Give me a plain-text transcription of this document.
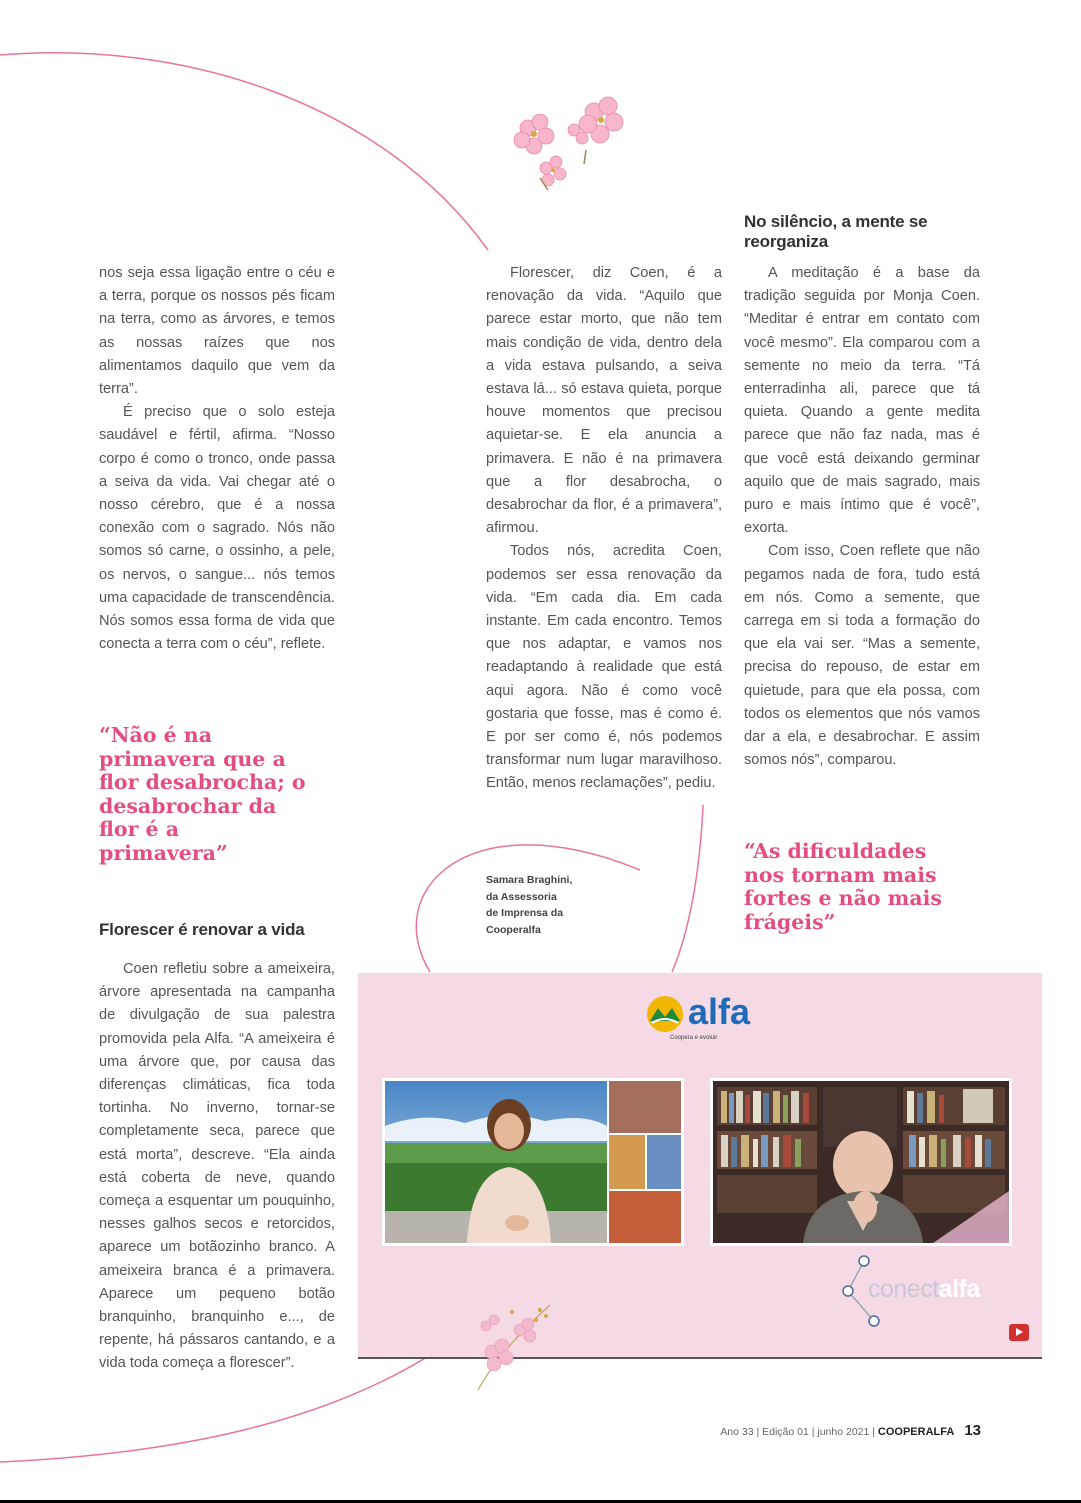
nos seja essa ligação entre o céu e a terra, porque os nossos pés ficam na terra, como as árvores, e temos as nossas raízes que nos alimentamos daquilo que vem da terra”.

É preciso que o solo esteja saudável e fértil, afirma. “Nosso corpo é como o tronco, onde passa a seiva da vida. Vai chegar até o nosso cérebro, que é a nossa conexão com o sagrado. Nós não somos só carne, o ossinho, a pele, os nervos, o sangue... nós temos uma capacidade de transcendência. Nós somos essa forma de vida que conecta a terra com o céu”, reflete.

“Não é na primavera que a flor desabrocha; o desabrochar da flor é a primavera”
Florescer é renovar a vida

Coen refletiu sobre a ameixeira, árvore apresentada na campanha de divulgação de sua palestra promovida pela Alfa. “A ameixeira é uma árvore que, por causa das diferenças climáticas, fica toda tortinha. No inverno, tornar-se completamente seca, parece que está morta”, descreve. “Ela ainda está coberta de neve, quando começa a esquentar um pouquinho, nesses galhos secos e retorcidos, aparece um botãozinho branco. A ameixeira branca é a primavera. Aparece um pequeno botão branquinho, branquinho e..., de repente, há pássaros cantando, e a vida toda começa a florescer”.

Florescer, diz Coen, é a renovação da vida. “Aquilo que parece estar morto, que não tem mais condição de vida, dentro dela a vida estava pulsando, a seiva estava lá... só estava quieta, porque houve momentos que precisou aquietar-se. E ela anuncia a primavera. E não é na primavera que a flor desabrocha, o desabrochar da flor, é a primavera”, afirmou.

Todos nós, acredita Coen, podemos ser essa renovação da vida. “Em cada dia. Em cada instante. Em cada encontro. Temos que nos adaptar, e vamos nos readaptando à realidade que está aqui agora. Não é como você gostaria que fosse, mas é como é. E por ser como é, nós podemos transformar num lugar maravilhoso. Então, menos reclamações”, pediu.

No silêncio, a mente se reorganiza

A meditação é a base da tradição seguida por Monja Coen. “Meditar é entrar em contato com você mesmo”. Ela comparou com a semente no meio da terra. “Tá enterradinha ali, parece que tá quieta. Quando a gente medita parece que não faz nada, mas é que você está deixando germinar aquilo que de mais sagrado, mais puro e mais íntimo que é você”, exorta.

Com isso, Coen reflete que não pegamos nada de fora, tudo está em nós. Como a semente, que carrega em si toda a formação do que ela vai ser. “Mas a semente, precisa do repouso, de estar em quietude, para que ela possa, com todos os elementos que nós vamos dar a ela, e desabrochar. E assim somos nós”, comparou.

“As dificuldades nos tornam mais fortes e não mais frágeis”
Samara Braghini,
da Assessoria
de Imprensa da
Cooperalfa
alfa
Coopera e evoluir
conectalfa
Ano 33 | Edição 01 | junho 2021 | COOPERALFA 13
